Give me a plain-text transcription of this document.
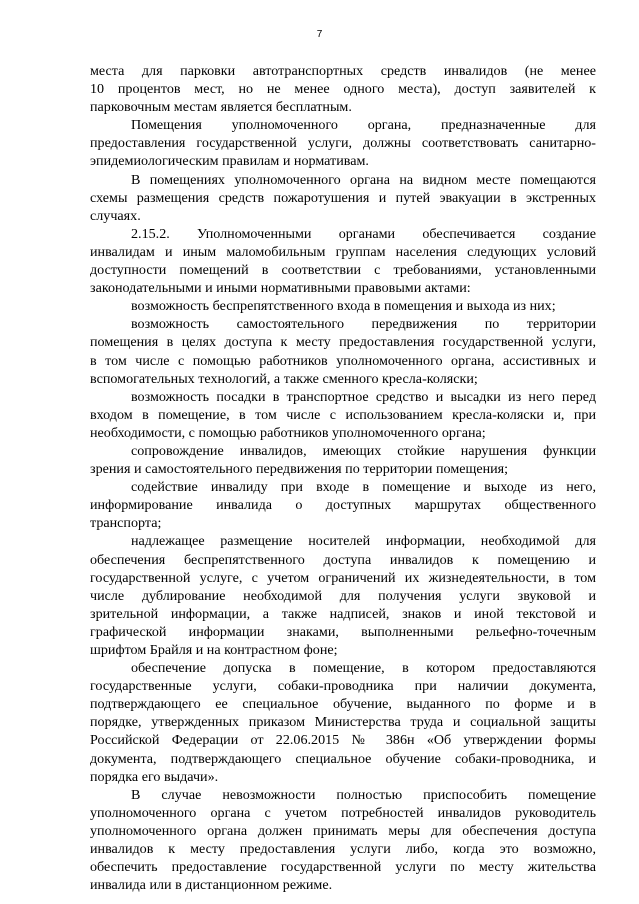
7
места для парковки автотранспортных средств инвалидов (не менее
10 процентов мест, но не менее одного места), доступ заявителей к
парковочным местам является бесплатным.
Помещения уполномоченного органа, предназначенные для
предоставления государственной услуги, должны соответствовать санитарно-
эпидемиологическим правилам и нормативам.
В помещениях уполномоченного органа на видном месте помещаются
схемы размещения средств пожаротушения и путей эвакуации в экстренных
случаях.
2.15.2. Уполномоченными органами обеспечивается создание
инвалидам и иным маломобильным группам населения следующих условий
доступности помещений в соответствии с требованиями, установленными
законодательными и иными нормативными правовыми актами:
возможность беспрепятственного входа в помещения и выхода из них;
возможность самостоятельного передвижения по территории
помещения в целях доступа к месту предоставления государственной услуги,
в том числе с помощью работников уполномоченного органа, ассистивных и
вспомогательных технологий, а также сменного кресла-коляски;
возможность посадки в транспортное средство и высадки из него перед
входом в помещение, в том числе с использованием кресла-коляски и, при
необходимости, с помощью работников уполномоченного органа;
сопровождение инвалидов, имеющих стойкие нарушения функции
зрения и самостоятельного передвижения по территории помещения;
содействие инвалиду при входе в помещение и выходе из него,
информирование инвалида о доступных маршрутах общественного
транспорта;
надлежащее размещение носителей информации, необходимой для
обеспечения беспрепятственного доступа инвалидов к помещению и
государственной услуге, с учетом ограничений их жизнедеятельности, в том
числе дублирование необходимой для получения услуги звуковой и
зрительной информации, а также надписей, знаков и иной текстовой и
графической информации знаками, выполненными рельефно-точечным
шрифтом Брайля и на контрастном фоне;
обеспечение допуска в помещение, в котором предоставляются
государственные услуги, собаки-проводника при наличии документа,
подтверждающего ее специальное обучение, выданного по форме и в
порядке, утвержденных приказом Министерства труда и социальной защиты
Российской Федерации от 22.06.2015 № 386н «Об утверждении формы
документа, подтверждающего специальное обучение собаки-проводника, и
порядка его выдачи».
В случае невозможности полностью приспособить помещение
уполномоченного органа с учетом потребностей инвалидов руководитель
уполномоченного органа должен принимать меры для обеспечения доступа
инвалидов к месту предоставления услуги либо, когда это возможно,
обеспечить предоставление государственной услуги по месту жительства
инвалида или в дистанционном режиме.
